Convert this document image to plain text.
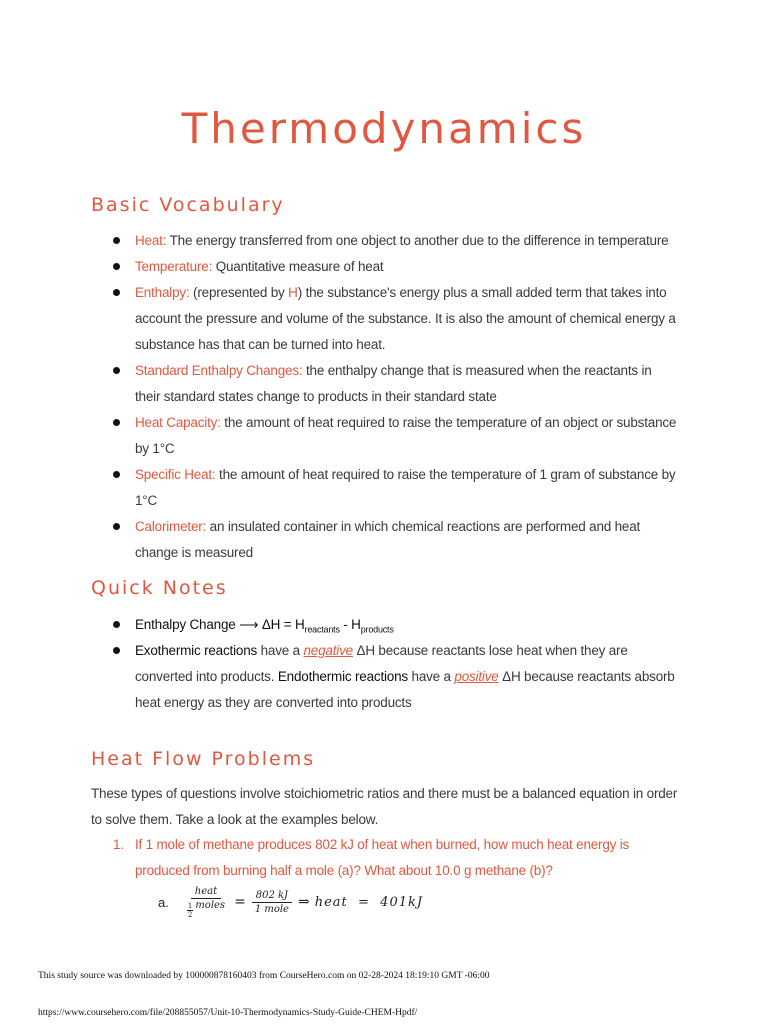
Thermodynamics
Basic Vocabulary
Heat: The energy transferred from one object to another due to the difference in temperature
Temperature: Quantitative measure of heat
Enthalpy: (represented by H) the substance's energy plus a small added term that takes into account the pressure and volume of the substance. It is also the amount of chemical energy a substance has that can be turned into heat.
Standard Enthalpy Changes: the enthalpy change that is measured when the reactants in their standard states change to products in their standard state
Heat Capacity: the amount of heat required to raise the temperature of an object or substance by 1°C
Specific Heat: the amount of heat required to raise the temperature of 1 gram of substance by 1°C
Calorimeter: an insulated container in which chemical reactions are performed and heat change is measured
Quick Notes
Enthalpy Change ⟶ $\Delta H = H_{reactants} - H_{products}$
Exothermic reactions have a negative ΔH because reactants lose heat when they are converted into products. Endothermic reactions have a positive ΔH because reactants absorb heat energy as they are converted into products
Heat Flow Problems

These types of questions involve stoichiometric ratios and there must be a balanced equation in order to solve them. Take a look at the examples below.

1. If 1 mole of methane produces 802 kJ of heat when burned, how much heat energy is produced from burning half a mole (a)? What about 10.0 g methane (b)?
a. $\frac{\text{heat}}{\frac{1}{2} moles} = \frac{802 kJ}{\text{1 mole}}$ ⇒ heat  =  401kJ

This study source was downloaded by 100000878160403 from CourseHero.com on 02-28-2024 18:19:10 GMT -06:00

https://www.coursehero.com/file/208855057/Unit-10-Thermodynamics-Study-Guide-CHEM-Hpdf/
